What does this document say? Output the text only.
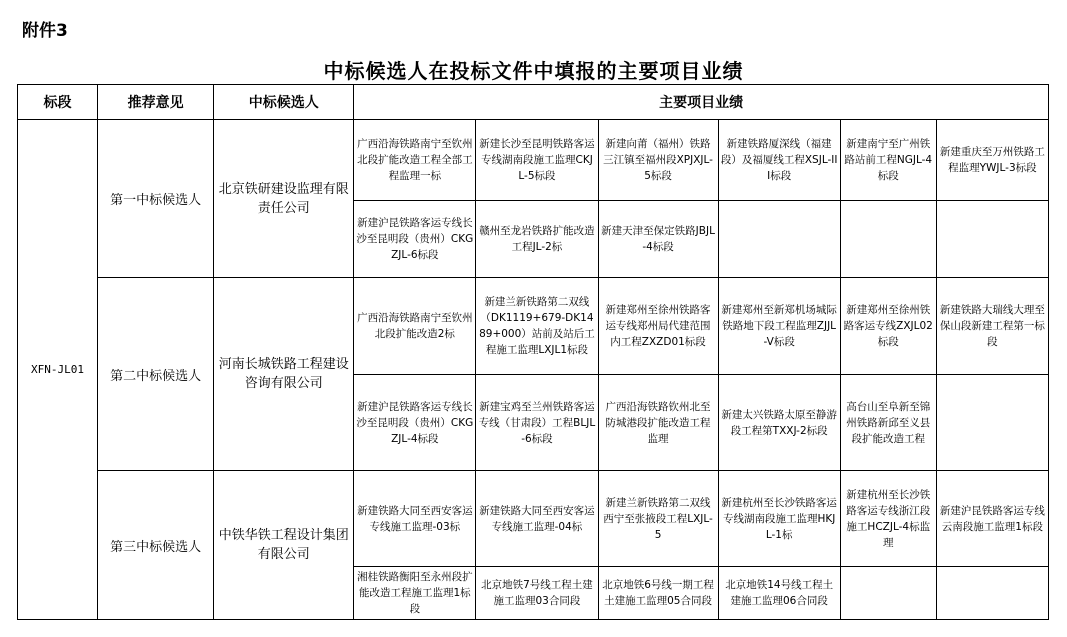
附件3
中标候选人在投标文件中填报的主要项目业绩
标段	推荐意见	中标候选人	主要项目业绩					
XFN-JL01	第一中标候选人	北京铁研建设监理有限责任公司	广西沿海铁路南宁至钦州北段扩能改造工程全部工程监理一标	新建长沙至昆明铁路客运专线湖南段施工监理CKJL-5标段	新建向莆（福州）铁路三江镇至福州段XPJXJL-5标段	新建铁路厦深线（福建段）及福厦线工程XSJL-III标段	新建南宁至广州铁路站前工程NGJL-4标段	新建重庆至万州铁路工程监理YWJL-3标段
			新建沪昆铁路客运专线长沙至昆明段（贵州）CKGZJL-6标段	赣州至龙岩铁路扩能改造工程JL-2标	新建天津至保定铁路JBJL-4标段			
	第二中标候选人	河南长城铁路工程建设咨询有限公司	广西沿海铁路南宁至钦州北段扩能改造2标	新建兰新铁路第二双线（DK1119+679-DK1489+000）站前及站后工程施工监理LXJL1标段	新建郑州至徐州铁路客运专线郑州局代建范围内工程ZXZD01标段	新建郑州至新郑机场城际铁路地下段工程监理ZJJL-V标段	新建郑州至徐州铁路客运专线ZXJL02标段	新建铁路大瑞线大理至保山段新建工程第一标段
			新建沪昆铁路客运专线长沙至昆明段（贵州）CKGZJL-4标段	新建宝鸡至兰州铁路客运专线（甘肃段）工程BLJL-6标段	广西沿海铁路钦州北至防城港段扩能改造工程监理	新建太兴铁路太原至静游段工程第TXXJ-2标段	高台山至阜新至锦州铁路新邱至义县段扩能改造工程	
	第三中标候选人	中铁华铁工程设计集团有限公司	新建铁路大同至西安客运专线施工监理-03标	新建铁路大同至西安客运专线施工监理-04标	新建兰新铁路第二双线西宁至张掖段工程LXJL-5	新建杭州至长沙铁路客运专线湖南段施工监理HKJL-1标	新建杭州至长沙铁路客运专线浙江段施工HCZJL-4标监理	新建沪昆铁路客运专线云南段施工监理1标段
			湘桂铁路衡阳至永州段扩能改造工程施工监理1标段	北京地铁7号线工程土建施工监理03合同段	北京地铁6号线一期工程土建施工监理05合同段	北京地铁14号线工程土建施工监理06合同段		
